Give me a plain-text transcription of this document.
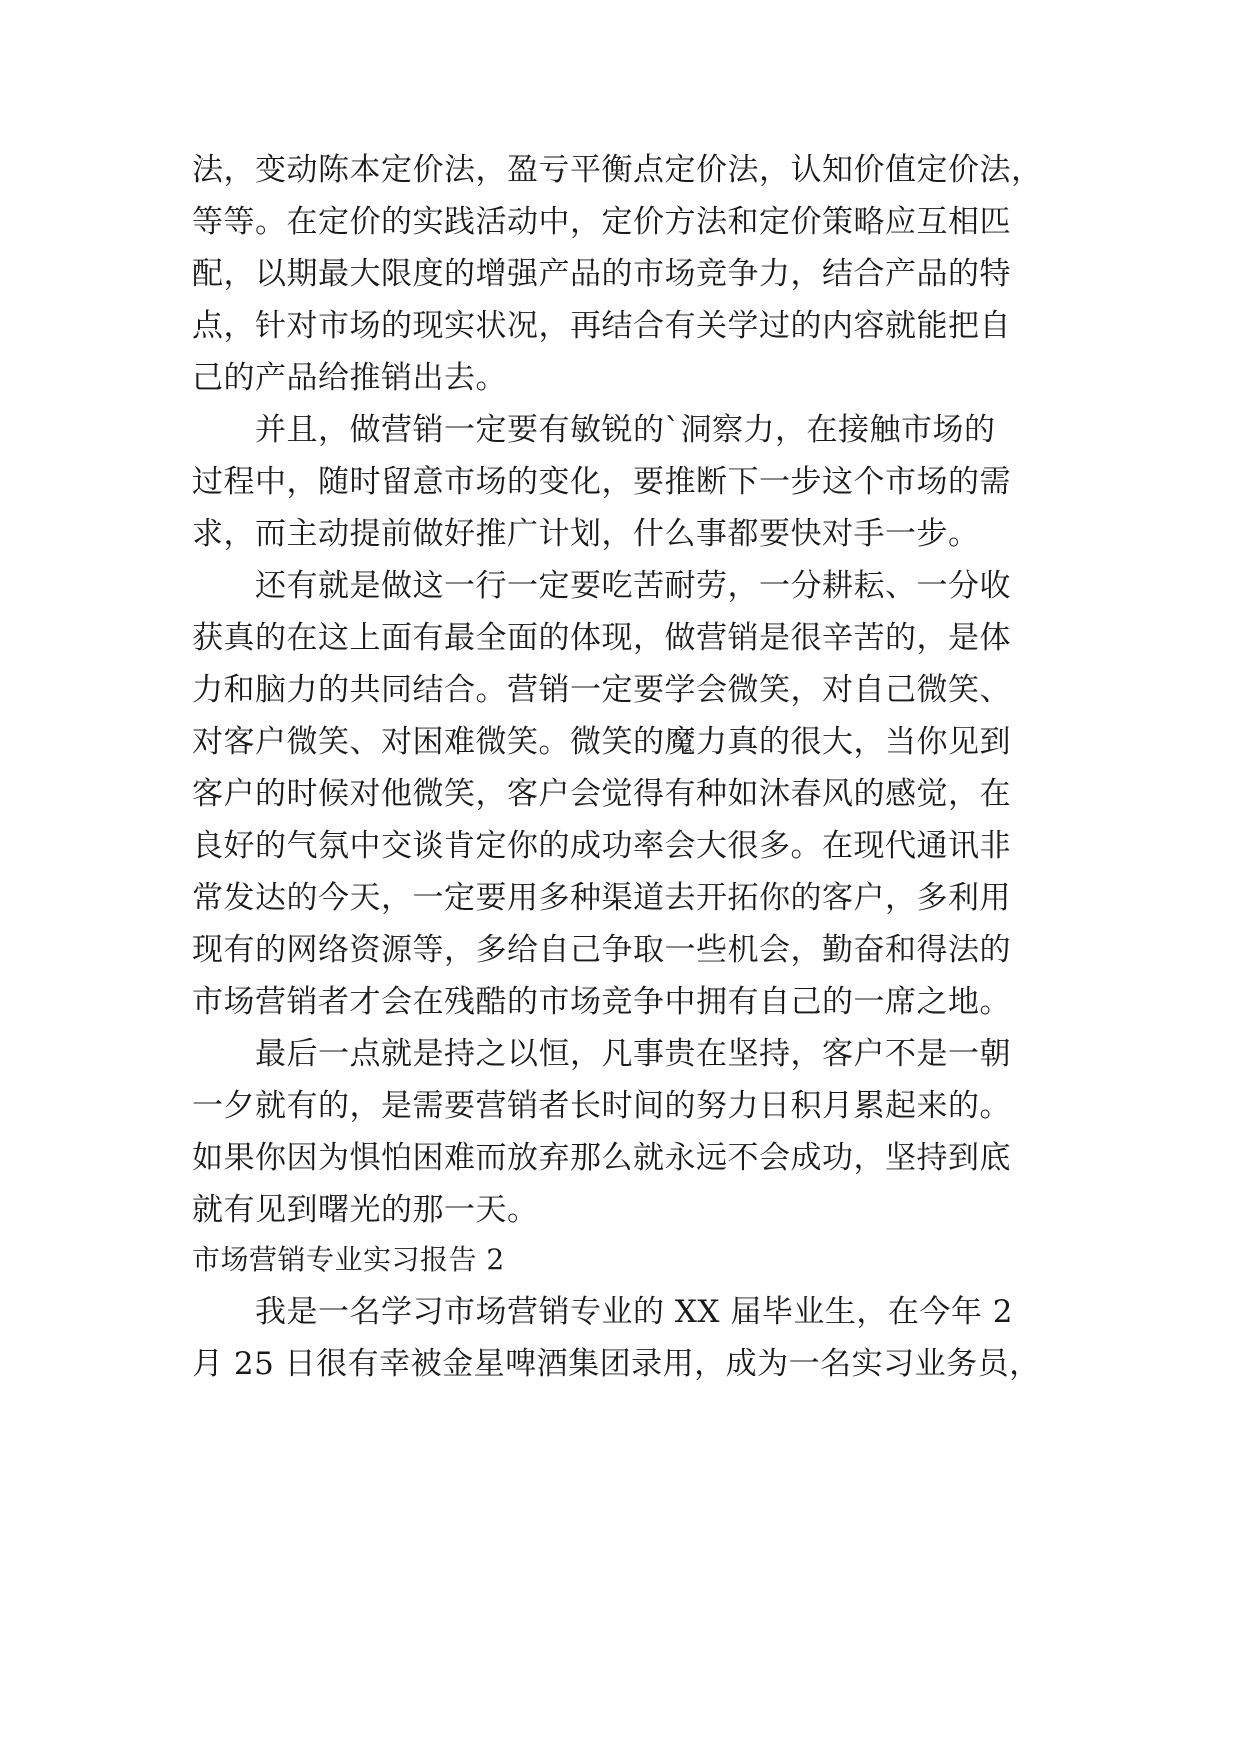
法，变动陈本定价法，盈亏平衡点定价法，认知价值定价法，
等等。在定价的实践活动中，定价方法和定价策略应互相匹
配，以期最大限度的增强产品的市场竞争力，结合产品的特
点，针对市场的现实状况，再结合有关学过的内容就能把自
己的产品给推销出去。
　　并且，做营销一定要有敏锐的`洞察力，在接触市场的
过程中，随时留意市场的变化，要推断下一步这个市场的需
求，而主动提前做好推广计划，什么事都要快对手一步。
　　还有就是做这一行一定要吃苦耐劳，一分耕耘、一分收
获真的在这上面有最全面的体现，做营销是很辛苦的，是体
力和脑力的共同结合。营销一定要学会微笑，对自己微笑、
对客户微笑、对困难微笑。微笑的魔力真的很大，当你见到
客户的时候对他微笑，客户会觉得有种如沐春风的感觉，在
良好的气氛中交谈肯定你的成功率会大很多。在现代通讯非
常发达的今天，一定要用多种渠道去开拓你的客户，多利用
现有的网络资源等，多给自己争取一些机会，勤奋和得法的
市场营销者才会在残酷的市场竞争中拥有自己的一席之地。
　　最后一点就是持之以恒，凡事贵在坚持，客户不是一朝
一夕就有的，是需要营销者长时间的努力日积月累起来的。
如果你因为惧怕困难而放弃那么就永远不会成功，坚持到底
就有见到曙光的那一天。
市场营销专业实习报告 2
　　我是一名学习市场营销专业的 XX 届毕业生，在今年 2
月 25 日很有幸被金星啤酒集团录用，成为一名实习业务员，
